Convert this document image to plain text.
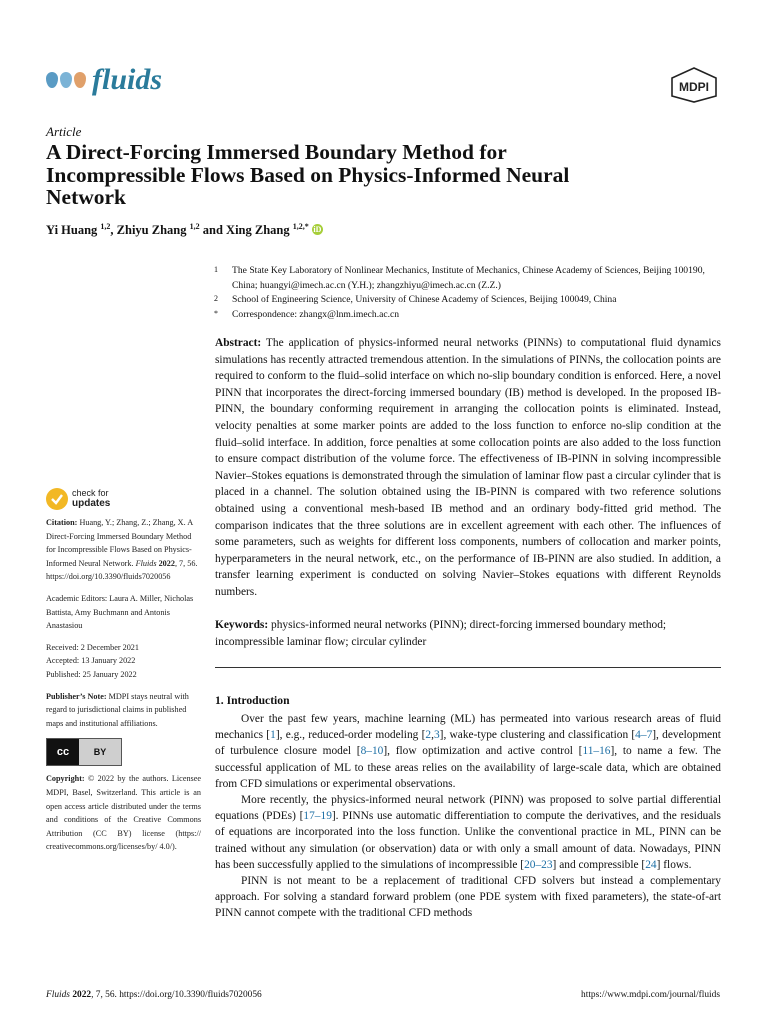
fluids	MDPI
Article
A Direct-Forcing Immersed Boundary Method for Incompressible Flows Based on Physics-Informed Neural Network
Yi Huang $^{1,2}$, Zhiyu Zhang $^{1,2}$ and Xing Zhang $^{1,2,*}$ iD
1 The State Key Laboratory of Nonlinear Mechanics, Institute of Mechanics, Chinese Academy of Sciences, Beijing 100190, China; huangyi@imech.ac.cn (Y.H.); zhangzhiyu@imech.ac.cn (Z.Z.)
2 School of Engineering Science, University of Chinese Academy of Sciences, Beijing 100049, China
* Correspondence: zhangx@lnm.imech.ac.cn
Abstract: The application of physics-informed neural networks (PINNs) to computational fluid dynamics simulations has recently attracted tremendous attention. In the simulations of PINNs, the collocation points are required to conform to the fluid–solid interface on which no-slip boundary condition is enforced. Here, a novel PINN that incorporates the direct-forcing immersed boundary (IB) method is developed. In the proposed IB-PINN, the boundary conforming requirement in arranging the collocation points is eliminated. Instead, velocity penalties at some marker points are added to the loss function to enforce no-slip condition at the fluid–solid interface. In addition, force penalties at some collocation points are also added to the loss function to ensure compact distribution of the volume force. The effectiveness of IB-PINN in solving incompressible Navier–Stokes equations is demonstrated through the simulation of laminar flow past a circular cylinder that is placed in a channel. The solution obtained using the IB-PINN is compared with two reference solutions obtained using a conventional mesh-based IB method and an ordinary body-fitted grid method. The comparison indicates that the three solutions are in excellent agreement with each other. The influences of some parameters, such as weights for different loss components, numbers of collocation and marker points, hyperparameters in the neural network, etc., on the performance of IB-PINN are also studied. In addition, a transfer learning experiment is conducted on solving Navier–Stokes equations with different Reynolds numbers.
Keywords: physics-informed neural networks (PINN); direct-forcing immersed boundary method; incompressible laminar flow; circular cylinder
1. Introduction

Over the past few years, machine learning (ML) has permeated into various research areas of fluid mechanics [1], e.g., reduced-order modeling [2,3], wake-type clustering and classification [4–7], development of turbulence closure model [8–10], flow optimization and active control [11–16], to name a few. The successful application of ML to these areas relies on the availability of large-scale data, which are obtained from CFD simulations or experimental observations.

More recently, the physics-informed neural network (PINN) was proposed to solve partial differential equations (PDEs) [17–19]. PINNs use automatic differentiation to compute the derivatives, and the residuals of equations are incorporated into the loss function. Unlike the conventional practice in ML, PINN can be trained without any simulation (or observation) data or with only a small amount of data. Nowadays, PINN has been successfully applied to the simulations of incompressible [20–23] and compressible [24] flows.

PINN is not meant to be a replacement of traditional CFD solvers but instead a complementary approach. For solving a standard forward problem (one PDE system with fixed parameters), the state-of-art PINN cannot compete with the traditional CFD methods

check for
updates

Citation: Huang, Y.; Zhang, Z.; Zhang, X. A Direct-Forcing Immersed Boundary Method for Incompressible Flows Based on Physics-Informed Neural Network. Fluids 2022, 7, 56. https://doi.org/10.3390/fluids7020056

Academic Editors: Laura A. Miller, Nicholas Battista, Amy Buchmann and Antonis Anastasiou

Received: 2 December 2021
Accepted: 13 January 2022
Published: 25 January 2022

Publisher’s Note: MDPI stays neutral with regard to jurisdictional claims in published maps and institutional affiliations.

cc	BY

Copyright: © 2022 by the authors. Licensee MDPI, Basel, Switzerland. This article is an open access article distributed under the terms and conditions of the Creative Commons Attribution (CC BY) license (https:// creativecommons.org/licenses/by/ 4.0/).

Fluids 2022, 7, 56. https://doi.org/10.3390/fluids7020056	https://www.mdpi.com/journal/fluids
